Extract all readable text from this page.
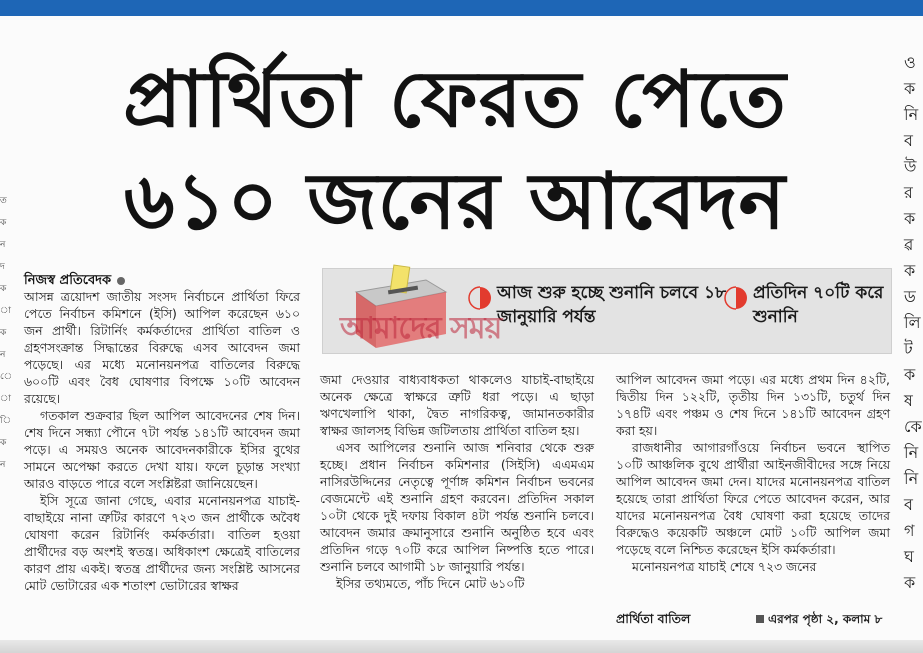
ত ক ন দ ক া ক ন ে া ি ক ন
ও ক নি ব উ র ক ৱ ক ড লি ট ক ষ কে নি নি ব গ ঘ ক
প্রার্থিতা ফেরত পেতে
৬১০ জনের আবেদন
নিজস্ব প্রতিবেদক
আজ শুরু হচ্ছে শুনানি চলবে ১৮ জানুয়ারি পর্যন্ত
প্রতিদিন ৭০টি করে শুনানি
আমাদের সময়

আসন্ন ত্রয়োদশ জাতীয় সংসদ নির্বাচনে প্রার্থিতা ফিরে পেতে নির্বাচন কমিশনে (ইসি) আপিল করেছেন ৬১০ জন প্রার্থী। রিটার্নিং কর্মকর্তাদের প্রার্থিতা বাতিল ও গ্রহণসংক্রান্ত সিদ্ধান্তের বিরুদ্ধে এসব আবেদন জমা পড়েছে। এর মধ্যে মনোনয়নপত্র বাতিলের বিরুদ্ধে ৬০০টি এবং বৈধ ঘোষণার বিপক্ষে ১০টি আবেদন রয়েছে।

গতকাল শুক্রবার ছিল আপিল আবেদনের শেষ দিন। শেষ দিনে সন্ধ্যা পৌনে ৭টা পর্যন্ত ১৪১টি আবেদন জমা পড়ে। এ সময়ও অনেক আবেদনকারীকে ইসির বুথের সামনে অপেক্ষা করতে দেখা যায়। ফলে চূড়ান্ত সংখ্যা আরও বাড়তে পারে বলে সংশ্লিষ্টরা জানিয়েছেন।

ইসি সূত্রে জানা গেছে, এবার মনোনয়নপত্র যাচাই-বাছাইয়ে নানা ত্রুটির কারণে ৭২৩ জন প্রার্থীকে অবৈধ ঘোষণা করেন রিটার্নিং কর্মকর্তারা। বাতিল হওয়া প্রার্থীদের বড় অংশই স্বতন্ত্র। অধিকাংশ ক্ষেত্রেই বাতিলের কারণ প্রায় একই। স্বতন্ত্র প্রার্থীদের জন্য সংশ্লিষ্ট আসনের মোট ভোটারের এক শতাংশ ভোটারের স্বাক্ষর

জমা দেওয়ার বাধ্যবাধকতা থাকলেও যাচাই-বাছাইয়ে অনেক ক্ষেত্রে স্বাক্ষরে ত্রুটি ধরা পড়ে। এ ছাড়া ঋণখেলাপি থাকা, দ্বৈত নাগরিকত্ব, জামানতকারীর স্বাক্ষর জালসহ বিভিন্ন জটিলতায় প্রার্থিতা বাতিল হয়।

এসব আপিলের শুনানি আজ শনিবার থেকে শুরু হচ্ছে। প্রধান নির্বাচন কমিশনার (সিইসি) এএমএম নাসিরউদ্দিনের নেতৃত্বে পূর্ণাঙ্গ কমিশন নির্বাচন ভবনের বেজমেন্টে এই শুনানি গ্রহণ করবেন। প্রতিদিন সকাল ১০টা থেকে দুই দফায় বিকাল ৪টা পর্যন্ত শুনানি চলবে। আবেদন জমার ক্রমানুসারে শুনানি অনুষ্ঠিত হবে এবং প্রতিদিন গড়ে ৭০টি করে আপিল নিষ্পত্তি হতে পারে। শুনানি চলবে আগামী ১৮ জানুয়ারি পর্যন্ত।

ইসির তথ্যমতে, পাঁচ দিনে মোট ৬১০টি

আপিল আবেদন জমা পড়ে। এর মধ্যে প্রথম দিন ৪২টি, দ্বিতীয় দিন ১২২টি, তৃতীয় দিন ১৩১টি, চতুর্থ দিন ১৭৪টি এবং পঞ্চম ও শেষ দিনে ১৪১টি আবেদন গ্রহণ করা হয়।

রাজধানীর আগারগাঁওয়ে নির্বাচন ভবনে স্থাপিত ১০টি আঞ্চলিক বুথে প্রার্থীরা আইনজীবীদের সঙ্গে নিয়ে আপিল আবেদন জমা দেন। যাদের মনোনয়নপত্র বাতিল হয়েছে তারা প্রার্থিতা ফিরে পেতে আবেদন করেন, আর যাদের মনোনয়নপত্র বৈধ ঘোষণা করা হয়েছে তাদের বিরুদ্ধেও কয়েকটি অঞ্চলে মোট ১০টি আপিল জমা পড়েছে বলে নিশ্চিত করেছেন ইসি কর্মকর্তারা।

মনোনয়নপত্র যাচাই শেষে ৭২৩ জনের

প্রার্থিতা বাতিল	এরপর পৃষ্ঠা ২, কলাম ৮
